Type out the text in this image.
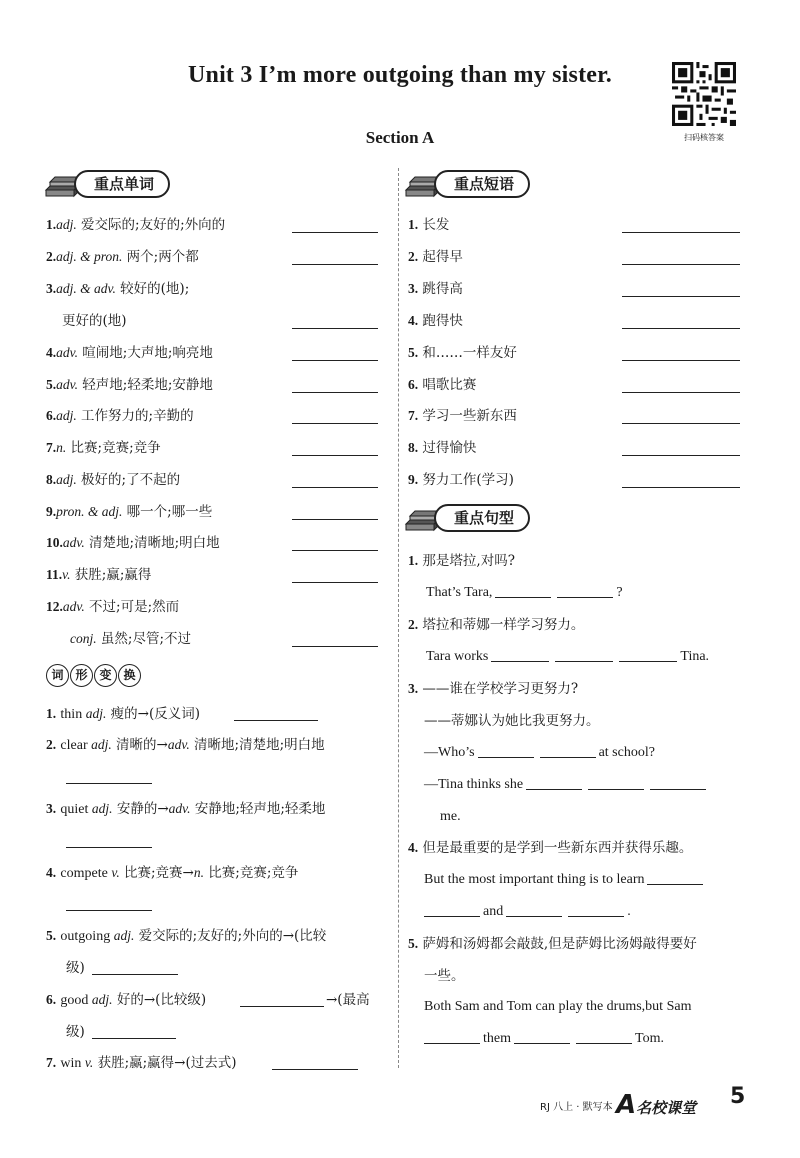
Unit 3 I’m more outgoing than my sister.
Section A	扫码核答案
重点单词
1.adj. 爱交际的;友好的;外向的
2.adj. & pron. 两个;两个都
3.adj. & adv. 较好的(地);
更好的(地)
4.adv. 喧闹地;大声地;响亮地
5.adv. 轻声地;轻柔地;安静地
6.adj. 工作努力的;辛勤的
7.n. 比赛;竞赛;竞争
8.adj. 极好的;了不起的
9.pron. & adj. 哪一个;哪一些
10.adv. 清楚地;清晰地;明白地
11.v. 获胜;赢;赢得
12.adv. 不过;可是;然而
conj. 虽然;尽管;不过
词 形 变 换
1. thin adj. 瘦的→(反义词)
2. clear adj. 清晰的→adv. 清晰地;清楚地;明白地
3. quiet adj. 安静的→adv. 安静地;轻声地;轻柔地
4. compete v. 比赛;竞赛→n. 比赛;竞赛;竞争
5. outgoing adj. 爱交际的;友好的;外向的→(比较
级)
6. good adj. 好的→(比较级)	→(最高
级)
7. win v. 获胜;赢;赢得→(过去式)
重点短语
1. 长发
2. 起得早
3. 跳得高
4. 跑得快
5. 和……一样友好
6. 唱歌比赛
7. 学习一些新东西
8. 过得愉快
9. 努力工作(学习)
重点句型
1. 那是塔拉,对吗?
That’s Tara,	?
2. 塔拉和蒂娜一样学习努力。
Tara works	Tina.
3. ——谁在学校学习更努力?
——蒂娜认为她比我更努力。
—Who’s	at school?
—Tina thinks she
me.
4. 但是最重要的是学到一些新东西并获得乐趣。
But the most important thing is to learn
and	.
5. 萨姆和汤姆都会敲鼓,但是萨姆比汤姆敲得要好
一些。
Both Sam and Tom can play the drums,but Sam
them	Tom.
RJ 八上 · 默写本 A名校课堂 5
